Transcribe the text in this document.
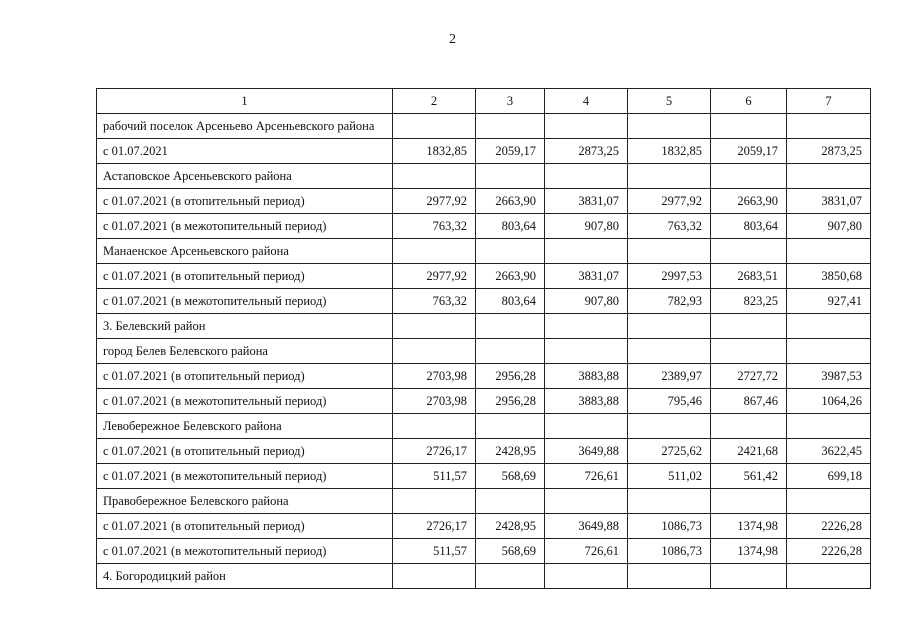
2
1	2	3	4	5	6	7
рабочий поселок Арсеньево Арсеньевского района						
с 01.07.2021	1832,85	2059,17	2873,25	1832,85	2059,17	2873,25
Астаповское Арсеньевского района						
с 01.07.2021 (в отопительный период)	2977,92	2663,90	3831,07	2977,92	2663,90	3831,07
с 01.07.2021 (в межотопительный период)	763,32	803,64	907,80	763,32	803,64	907,80
Манаенское Арсеньевского района						
с 01.07.2021 (в отопительный период)	2977,92	2663,90	3831,07	2997,53	2683,51	3850,68
с 01.07.2021 (в межотопительный период)	763,32	803,64	907,80	782,93	823,25	927,41
3. Белевский район						
город Белев Белевского района						
с 01.07.2021 (в отопительный период)	2703,98	2956,28	3883,88	2389,97	2727,72	3987,53
с 01.07.2021 (в межотопительный период)	2703,98	2956,28	3883,88	795,46	867,46	1064,26
Левобережное Белевского района						
с 01.07.2021 (в отопительный период)	2726,17	2428,95	3649,88	2725,62	2421,68	3622,45
с 01.07.2021 (в межотопительный период)	511,57	568,69	726,61	511,02	561,42	699,18
Правобережное Белевского района						
с 01.07.2021 (в отопительный период)	2726,17	2428,95	3649,88	1086,73	1374,98	2226,28
с 01.07.2021 (в межотопительный период)	511,57	568,69	726,61	1086,73	1374,98	2226,28
4. Богородицкий район						
